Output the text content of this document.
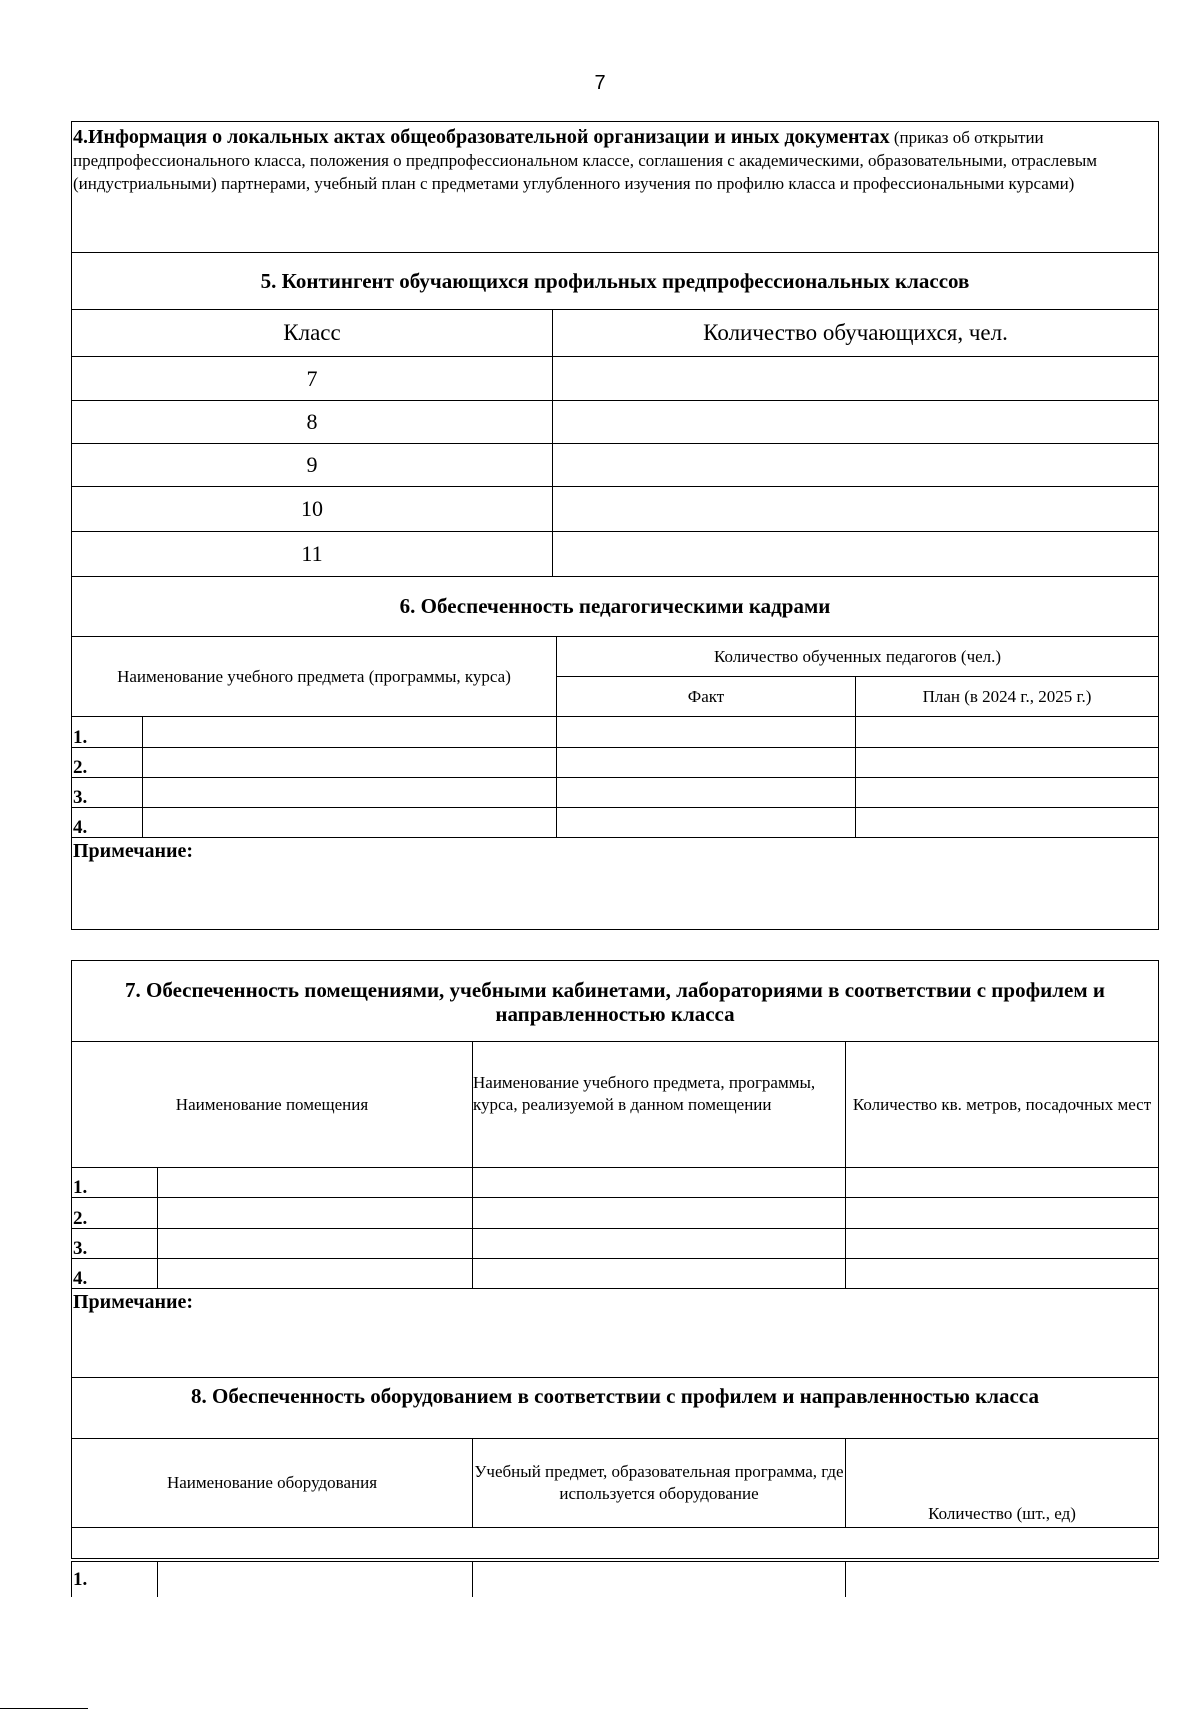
7
4.Информация о локальных актах общеобразовательной организации и иных документах (приказ об открытии предпрофессионального класса, положения о предпрофессиональном классе, соглашения с академическими, образовательными, отраслевым (индустриальными) партнерами, учебный план с предметами углубленного изучения по профилю класса и профессиональными курсами)				
5. Контингент обучающихся профильных предпрофессиональных классов				
Класс		Количество обучающихся, чел.		
7				
8				
9				
10				
11				
6. Обеспеченность педагогическими кадрами				
Наименование учебного предмета (программы, курса)			Количество обученных педагогов (чел.)	
			Факт	План (в 2024 г., 2025 г.)
1.				
2.				
3.				
4.				
Примечание:				
7. Обеспеченность помещениями, учебными кабинетами, лабораториями в соответствии с профилем и направленностью класса			
Наименование помещения		Наименование учебного предмета, программы, курса, реализуемой в данном помещении	Количество кв. метров, посадочных мест
1.			
2.			
3.			
4.			
Примечание:			
8. Обеспеченность оборудованием в соответствии с профилем и направленностью класса			
Наименование оборудования		Учебный предмет, образовательная программа, где используется оборудование	Количество (шт., ед)

1.			
